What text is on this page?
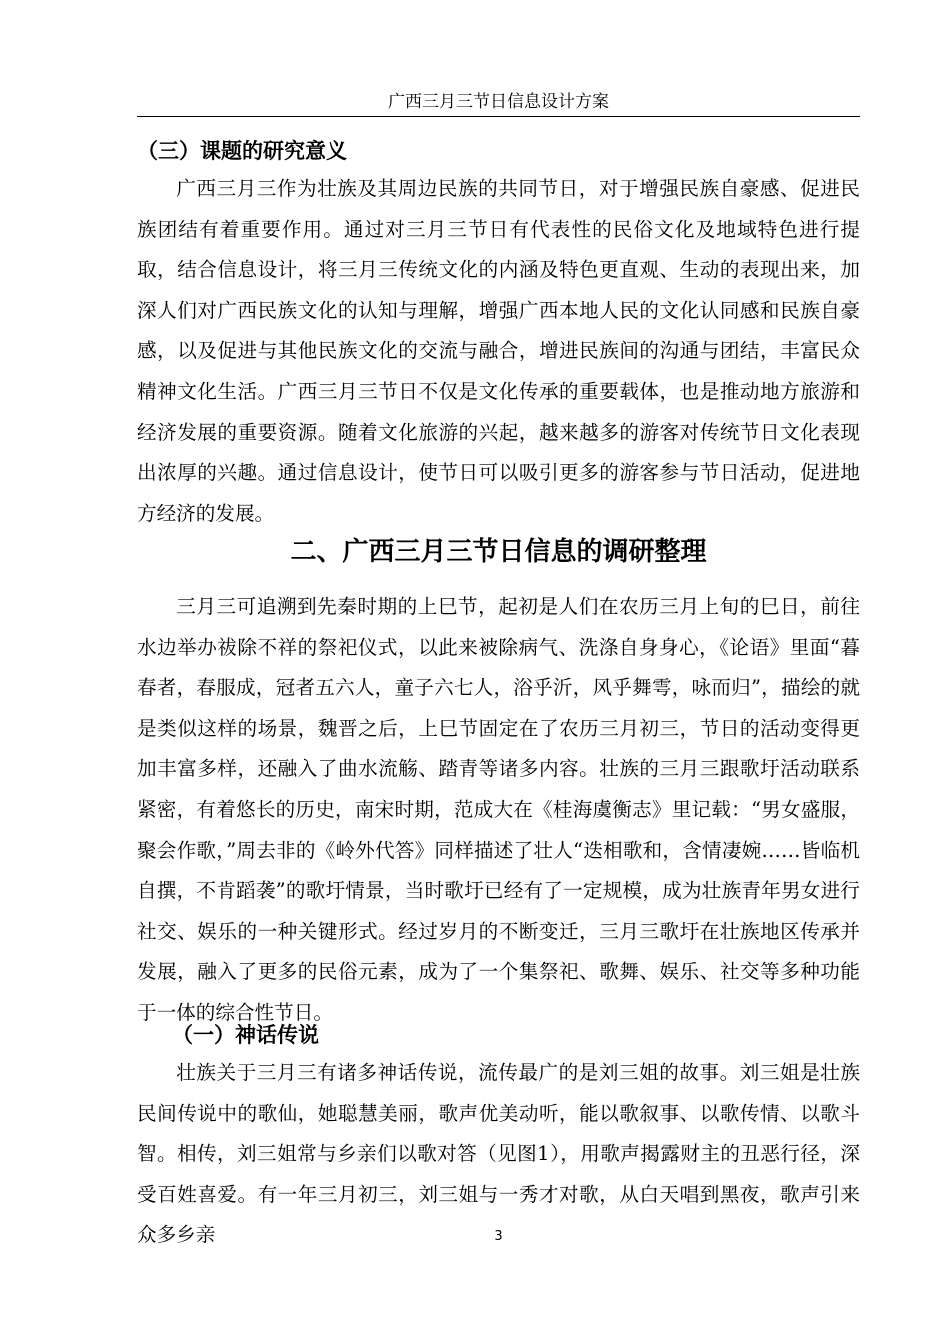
广西三月三节日信息设计方案
（三）课题的研究意义

广西三月三作为壮族及其周边民族的共同节日，对于增强民族自豪感、促进民族团结有着重要作用。通过对三月三节日有代表性的民俗文化及地域特色进行提取，结合信息设计，将三月三传统文化的内涵及特色更直观、生动的表现出来，加深人们对广西民族文化的认知与理解，增强广西本地人民的文化认同感和民族自豪感，以及促进与其他民族文化的交流与融合，增进民族间的沟通与团结，丰富民众精神文化生活。广西三月三节日不仅是文化传承的重要载体，也是推动地方旅游和经济发展的重要资源。随着文化旅游的兴起，越来越多的游客对传统节日文化表现出浓厚的兴趣。通过信息设计，使节日可以吸引更多的游客参与节日活动，促进地方经济的发展。

二、广西三月三节日信息的调研整理

三月三可追溯到先秦时期的上巳节，起初是人们在农历三月上旬的巳日，前往水边举办祓除不祥的祭祀仪式，以此来被除病气、洗涤自身身心，《论语》里面“暮春者，春服成，冠者五六人，童子六七人，浴乎沂，风乎舞雩，咏而归”，描绘的就是类似这样的场景，魏晋之后，上巳节固定在了农历三月初三，节日的活动变得更加丰富多样，还融入了曲水流觞、踏青等诸多内容。壮族的三月三跟歌圩活动联系紧密，有着悠长的历史，南宋时期，范成大在《桂海虞衡志》里记载：“男女盛服，聚会作歌，”周去非的《岭外代答》同样描述了壮人“迭相歌和，含情凄婉……皆临机自撰，不肯蹈袭”的歌圩情景，当时歌圩已经有了一定规模，成为壮族青年男女进行社交、娱乐的一种关键形式。经过岁月的不断变迁，三月三歌圩在壮族地区传承并发展，融入了更多的民俗元素，成为了一个集祭祀、歌舞、娱乐、社交等多种功能于一体的综合性节日。

（一）神话传说

壮族关于三月三有诸多神话传说，流传最广的是刘三姐的故事。刘三姐是壮族民间传说中的歌仙，她聪慧美丽，歌声优美动听，能以歌叙事、以歌传情、以歌斗智。相传，刘三姐常与乡亲们以歌对答（见图1），用歌声揭露财主的丑恶行径，深受百姓喜爱。有一年三月初三，刘三姐与一秀才对歌，从白天唱到黑夜，歌声引来众多乡亲	3
